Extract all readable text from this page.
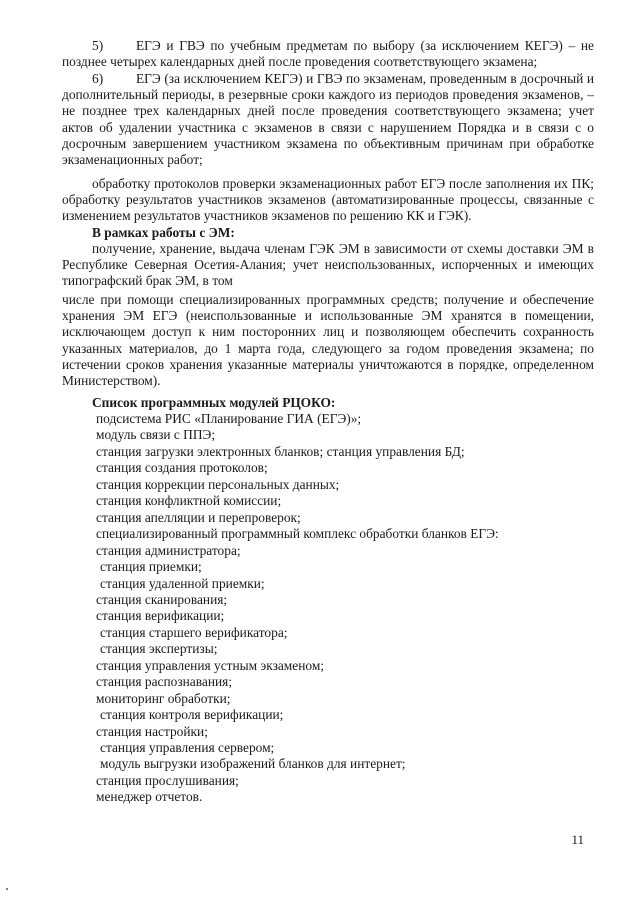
5) ЕГЭ и ГВЭ по учебным предметам по выбору (за исключением КЕГЭ) – не позднее четырех календарных дней после проведения соответствующего экзамена;

6) ЕГЭ (за исключением КЕГЭ) и ГВЭ по экзаменам, проведенным в досрочный и дополнительный периоды, в резервные сроки каждого из периодов проведения экзаменов, – не позднее трех календарных дней после проведения соответствующего экзамена; учет актов об удалении участника с экзаменов в связи с нарушением Порядка и в связи с о досрочным завершением участником экзамена по объективным причинам при обработке экзаменационных работ;

обработку протоколов проверки экзаменационных работ ЕГЭ после заполнения их ПК; обработку результатов участников экзаменов (автоматизированные процессы, связанные с изменением результатов участников экзаменов по решению КК и ГЭК).

В рамках работы с ЭМ:

получение, хранение, выдача членам ГЭК ЭМ в зависимости от схемы доставки ЭМ в Республике Северная Осетия-Алания; учет неиспользованных, испорченных и имеющих типографский брак ЭМ, в том

числе при помощи специализированных программных средств; получение и обеспечение хранения ЭМ ЕГЭ (неиспользованные и использованные ЭМ хранятся в помещении, исключающем доступ к ним посторонних лиц и позволяющем обеспечить сохранность указанных материалов, до 1 марта года, следующего за годом проведения экзамена; по истечении сроков хранения указанные материалы уничтожаются в порядке, определенном Министерством).

Список программных модулей РЦОКО:

подсистема РИС «Планирование ГИА (ЕГЭ)»;
модуль связи с ППЭ;
станция загрузки электронных бланков; станция управления БД;
станция создания протоколов;
станция коррекции персональных данных;
станция конфликтной комиссии;
станция апелляции и перепроверок;
специализированный программный комплекс обработки бланков ЕГЭ:
станция администратора;
станция приемки;
станция удаленной приемки;
станция сканирования;
станция верификации;
станция старшего верификатора;
станция экспертизы;
станция управления устным экзаменом;
станция распознавания;
мониторинг обработки;
станция контроля верификации;
станция настройки;
станция управления сервером;
модуль выгрузки изображений бланков для интернет;
станция прослушивания;
менеджер отчетов.
11
